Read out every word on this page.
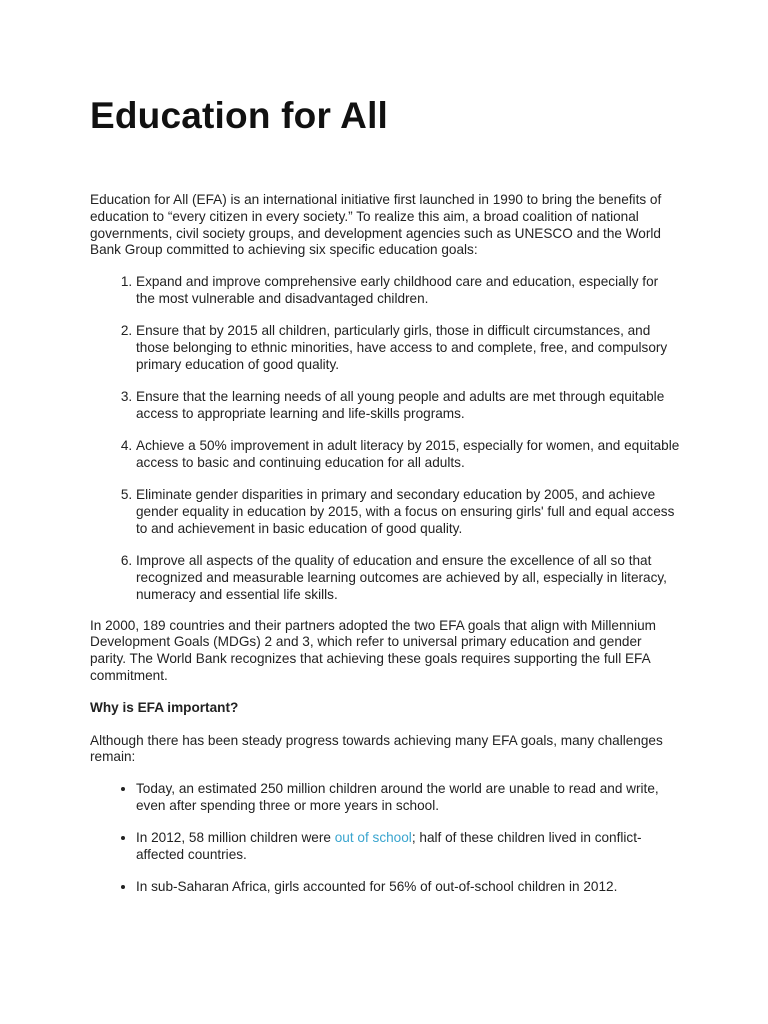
Education for All

Education for All (EFA) is an international initiative first launched in 1990 to bring the benefits of education to “every citizen in every society.” To realize this aim, a broad coalition of national governments, civil society groups, and development agencies such as UNESCO and the World Bank Group committed to achieving six specific education goals:

1. Expand and improve comprehensive early childhood care and education, especially for the most vulnerable and disadvantaged children.
2. Ensure that by 2015 all children, particularly girls, those in difficult circumstances, and those belonging to ethnic minorities, have access to and complete, free, and compulsory primary education of good quality.
3. Ensure that the learning needs of all young people and adults are met through equitable access to appropriate learning and life-skills programs.
4. Achieve a 50% improvement in adult literacy by 2015, especially for women, and equitable access to basic and continuing education for all adults.
5. Eliminate gender disparities in primary and secondary education by 2005, and achieve gender equality in education by 2015, with a focus on ensuring girls' full and equal access to and achievement in basic education of good quality.
6. Improve all aspects of the quality of education and ensure the excellence of all so that recognized and measurable learning outcomes are achieved by all, especially in literacy, numeracy and essential life skills.

In 2000, 189 countries and their partners adopted the two EFA goals that align with Millennium Development Goals (MDGs) 2 and 3, which refer to universal primary education and gender parity. The World Bank recognizes that achieving these goals requires supporting the full EFA commitment.

Why is EFA important?

Although there has been steady progress towards achieving many EFA goals, many challenges remain:

• Today, an estimated 250 million children around the world are unable to read and write, even after spending three or more years in school.
• In 2012, 58 million children were out of school; half of these children lived in conflict-affected countries.
• In sub-Saharan Africa, girls accounted for 56% of out-of-school children in 2012.
